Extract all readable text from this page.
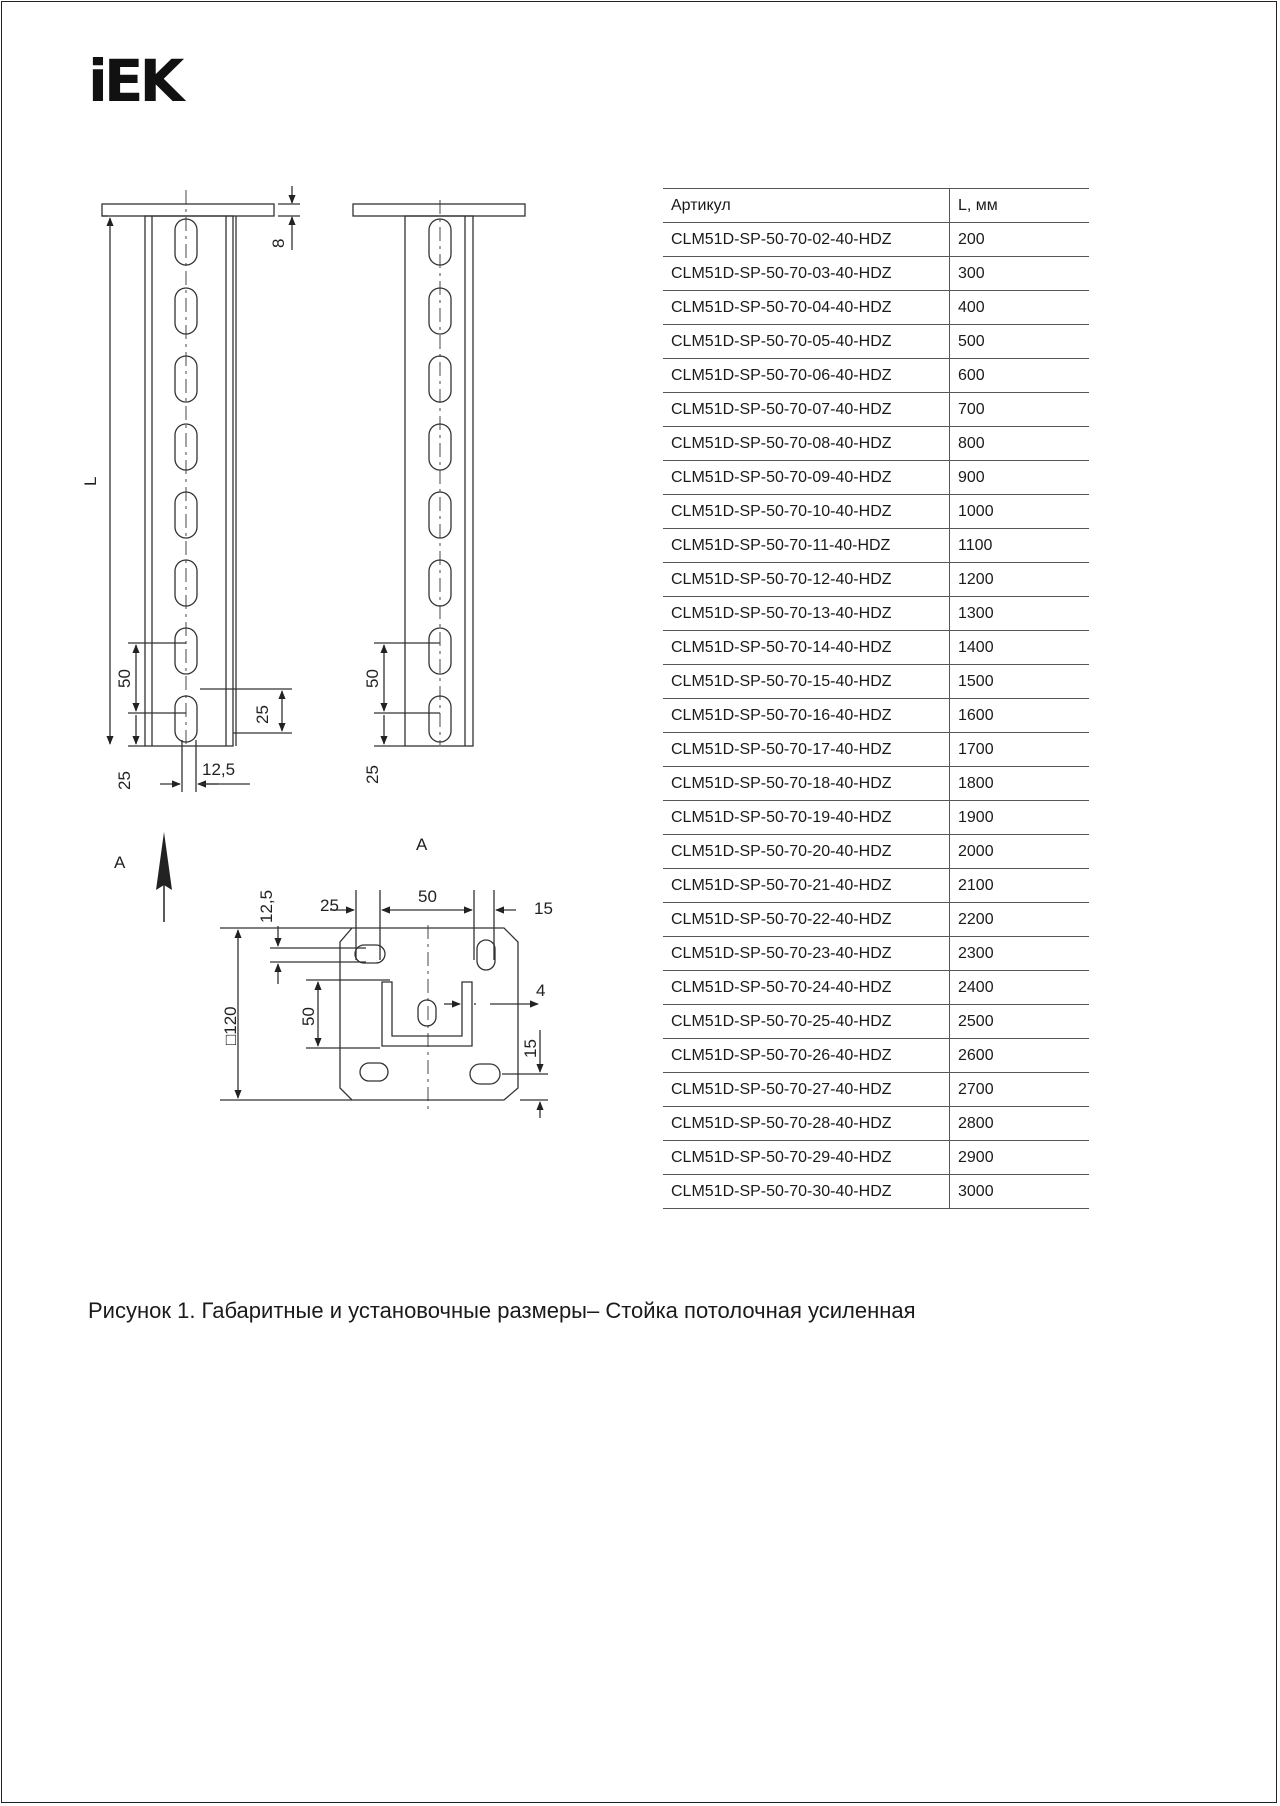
iEK
L
8
50
25
25
12,5
50
25
A
A
12,5	25	50
15
□120	50
4
15
Артикул	L, мм
CLM51D-SP-50-70-02-40-HDZ	200
CLM51D-SP-50-70-03-40-HDZ	300
CLM51D-SP-50-70-04-40-HDZ	400
CLM51D-SP-50-70-05-40-HDZ	500
CLM51D-SP-50-70-06-40-HDZ	600
CLM51D-SP-50-70-07-40-HDZ	700
CLM51D-SP-50-70-08-40-HDZ	800
CLM51D-SP-50-70-09-40-HDZ	900
CLM51D-SP-50-70-10-40-HDZ	1000
CLM51D-SP-50-70-11-40-HDZ	1100
CLM51D-SP-50-70-12-40-HDZ	1200
CLM51D-SP-50-70-13-40-HDZ	1300
CLM51D-SP-50-70-14-40-HDZ	1400
CLM51D-SP-50-70-15-40-HDZ	1500
CLM51D-SP-50-70-16-40-HDZ	1600
CLM51D-SP-50-70-17-40-HDZ	1700
CLM51D-SP-50-70-18-40-HDZ	1800
CLM51D-SP-50-70-19-40-HDZ	1900
CLM51D-SP-50-70-20-40-HDZ	2000
CLM51D-SP-50-70-21-40-HDZ	2100
CLM51D-SP-50-70-22-40-HDZ	2200
CLM51D-SP-50-70-23-40-HDZ	2300
CLM51D-SP-50-70-24-40-HDZ	2400
CLM51D-SP-50-70-25-40-HDZ	2500
CLM51D-SP-50-70-26-40-HDZ	2600
CLM51D-SP-50-70-27-40-HDZ	2700
CLM51D-SP-50-70-28-40-HDZ	2800
CLM51D-SP-50-70-29-40-HDZ	2900
CLM51D-SP-50-70-30-40-HDZ	3000
Рисунок 1. Габаритные и установочные размеры– Стойка потолочная усиленная
